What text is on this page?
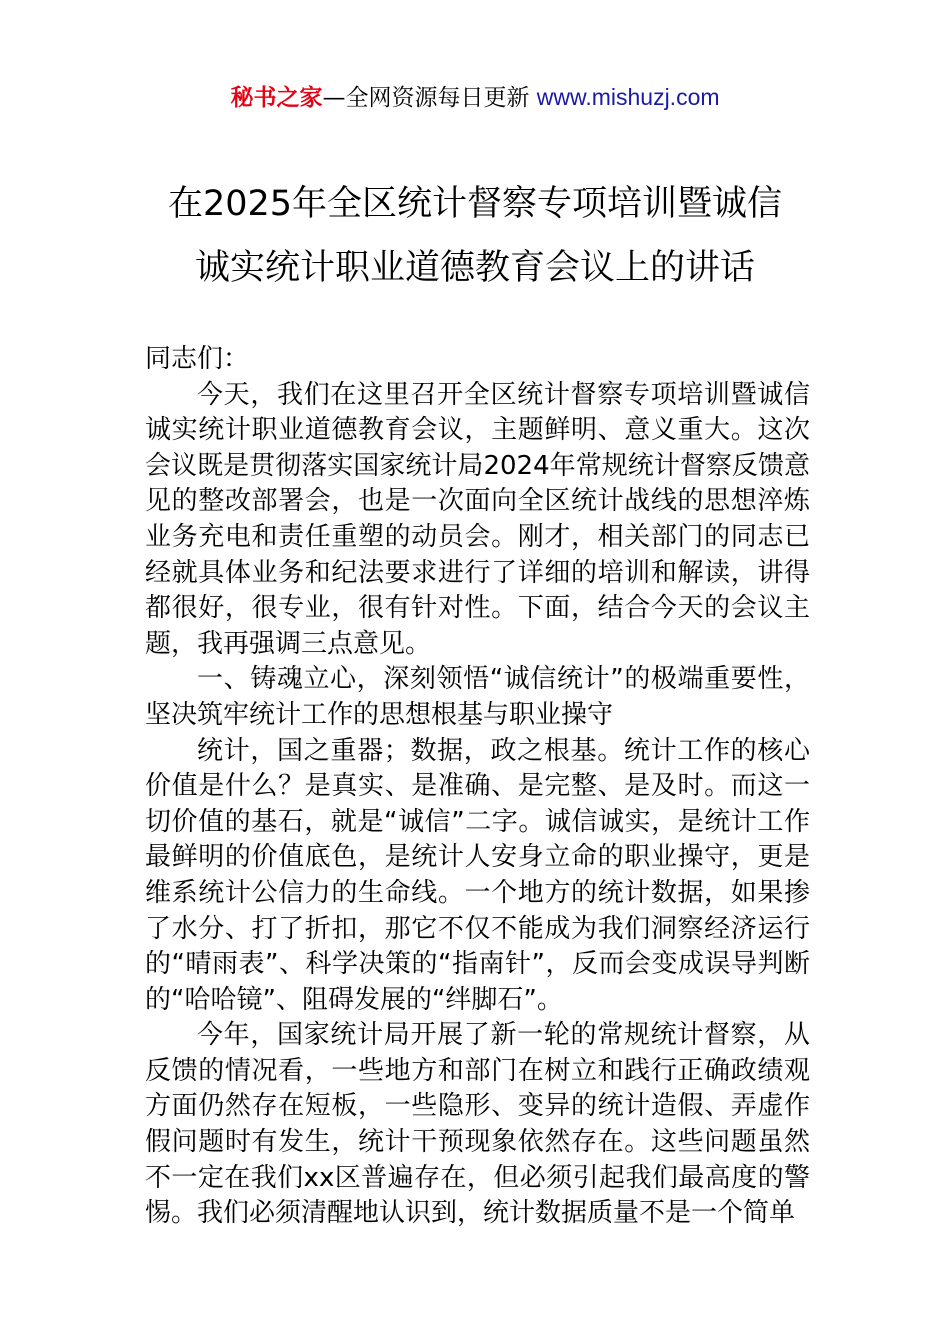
秘书之家—全网资源每日更新 www.mishuzj.com
在2025年全区统计督察专项培训暨诚信
诚实统计职业道德教育会议上的讲话

同志们：

今天，我们在这里召开全区统计督察专项培训暨诚信诚实统计职业道德教育会议，主题鲜明、意义重大。这次会议既是贯彻落实国家统计局2024年常规统计督察反馈意见的整改部署会，也是一次面向全区统计战线的思想淬炼业务充电和责任重塑的动员会。刚才，相关部门的同志已经就具体业务和纪法要求进行了详细的培训和解读，讲得都很好，很专业，很有针对性。下面，结合今天的会议主题，我再强调三点意见。

一、铸魂立心，深刻领悟“诚信统计”的极端重要性，坚决筑牢统计工作的思想根基与职业操守

统计，国之重器；数据，政之根基。统计工作的核心价值是什么？是真实、是准确、是完整、是及时。而这一切价值的基石，就是“诚信”二字。诚信诚实，是统计工作最鲜明的价值底色，是统计人安身立命的职业操守，更是维系统计公信力的生命线。一个地方的统计数据，如果掺了水分、打了折扣，那它不仅不能成为我们洞察经济运行的“晴雨表”、科学决策的“指南针”，反而会变成误导判断的“哈哈镜”、阻碍发展的“绊脚石”。

今年，国家统计局开展了新一轮的常规统计督察，从反馈的情况看，一些地方和部门在树立和践行正确政绩观方面仍然存在短板，一些隐形、变异的统计造假、弄虚作假问题时有发生，统计干预现象依然存在。这些问题虽然不一定在我们xx区普遍存在，但必须引起我们最高度的警惕。我们必须清醒地认识到，统计数据质量不是一个简单
